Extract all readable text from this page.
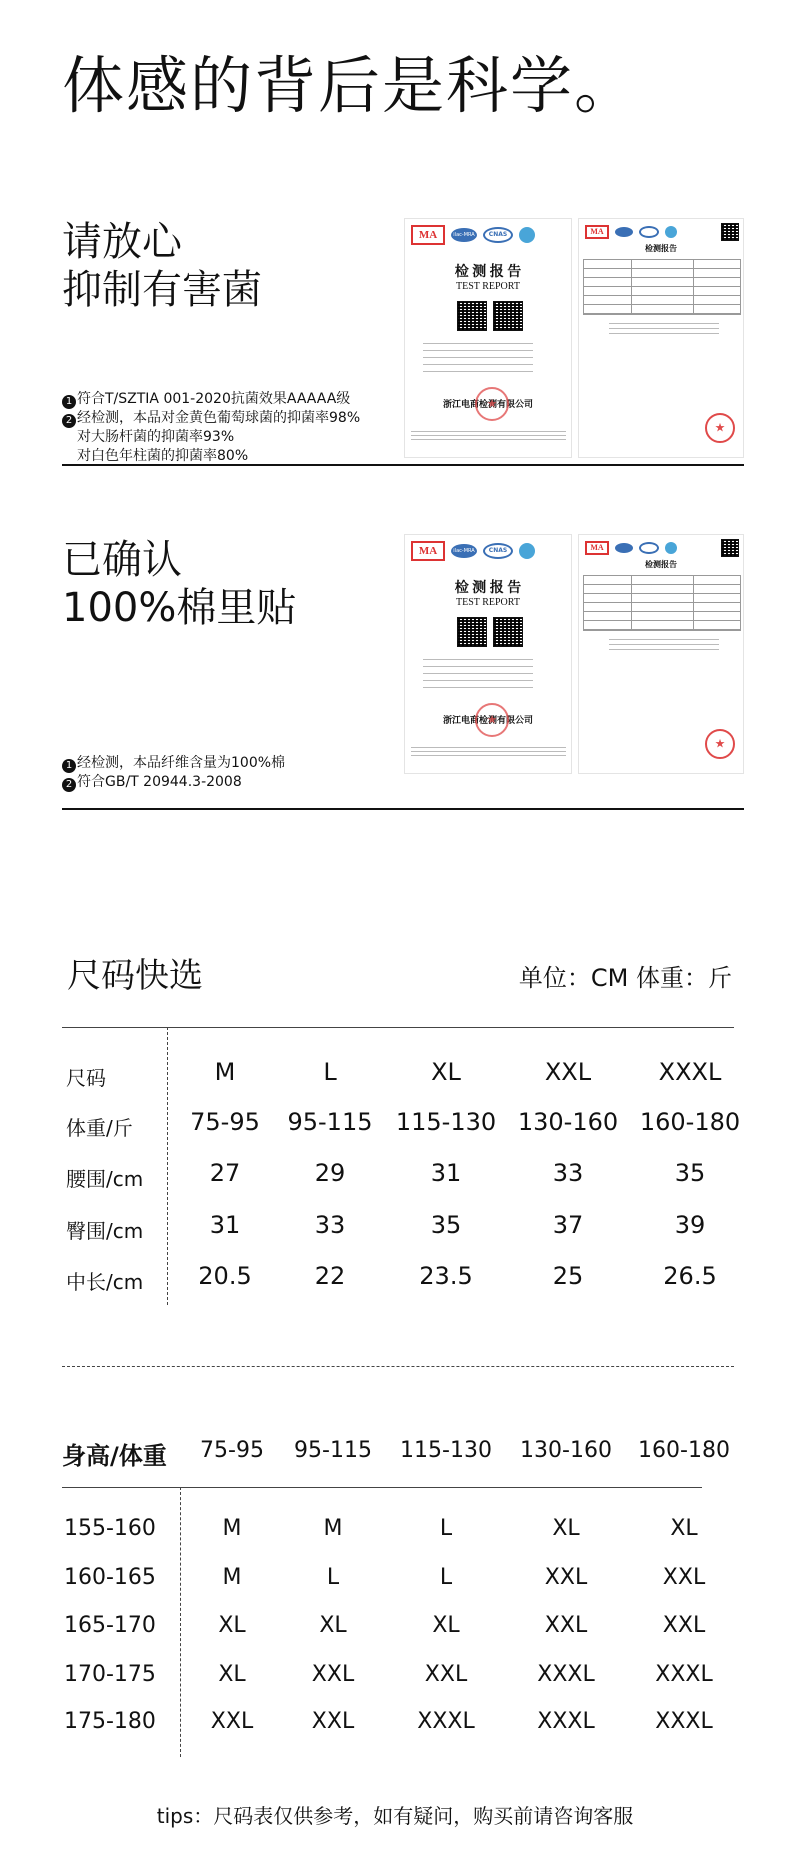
体感的背后是科学。
请放心
抑制有害菌
1 符合T/SZTIA 001-2020抗菌效果AAAAA级
2 经检测，本品对金黄色葡萄球菌的抑菌率98%
对大肠杆菌的抑菌率93%
对白色年柱菌的抑菌率80%
MA	ilac-MRA	CNAS
检 测 报 告
TEST REPORT
浙江电商检测有限公司
★
MA
检测报告
★
已确认
100%棉里贴
1 经检测，本品纤维含量为100%棉
2 符合GB/T 20944.3-2008
MA	ilac-MRA	CNAS
检 测 报 告
TEST REPORT
浙江电商检测有限公司
★
MA
检测报告
★
尺码快选	单位：CM 体重：斤
尺码	M	L	XL	XXL	XXXL
体重/斤	75-95	95-115 115-130 130-160 160-180
腰围/cm	27	29	31	33	35
臀围/cm	31	33	35	37	39
中长/cm	20.5	22	23.5	25	26.5
身高/体重	75-95	95-115	115-130	130-160	160-180
155-160	M	M	L	XL	XL
160-165	M	L	L	XXL	XXL
165-170	XL	XL	XL	XXL	XXL
170-175	XL	XXL	XXL	XXXL	XXXL
175-180	XXL	XXL	XXXL	XXXL	XXXL
tips：尺码表仅供参考，如有疑问，购买前请咨询客服
